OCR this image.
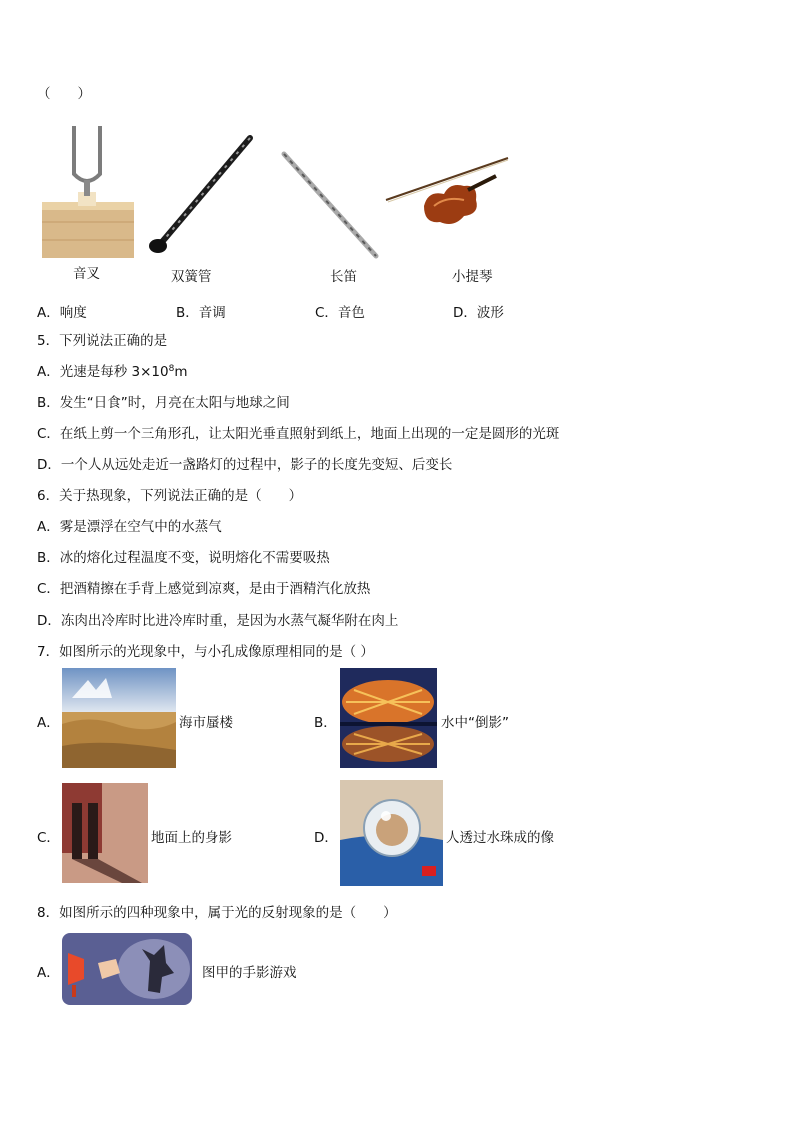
（　　）
音叉	双簧管	长笛	小提琴
A．响度	B．音调	C．音色	D．波形
5．下列说法正确的是
A．光速是每秒 $3\times 10^8m$
B．发生“日食”时，月亮在太阳与地球之间
C．在纸上剪一个三角形孔，让太阳光垂直照射到纸上，地面上出现的一定是圆形的光斑
D．一个人从远处走近一盏路灯的过程中，影子的长度先变短、后变长
6．关于热现象，下列说法正确的是（　　）
A．雾是漂浮在空气中的水蒸气
B．冰的熔化过程温度不变，说明熔化不需要吸热
C．把酒精擦在手背上感觉到凉爽，是由于酒精汽化放热
D．冻肉出冷库时比进冷库时重，是因为水蒸气凝华附在肉上
7．如图所示的光现象中，与小孔成像原理相同的是（ ）
A．	海市蜃楼	B．	水中“倒影”
C．	地面上的身影	D．	人透过水珠成的像
8．如图所示的四种现象中，属于光的反射现象的是（　　）
A．	图甲的手影游戏
